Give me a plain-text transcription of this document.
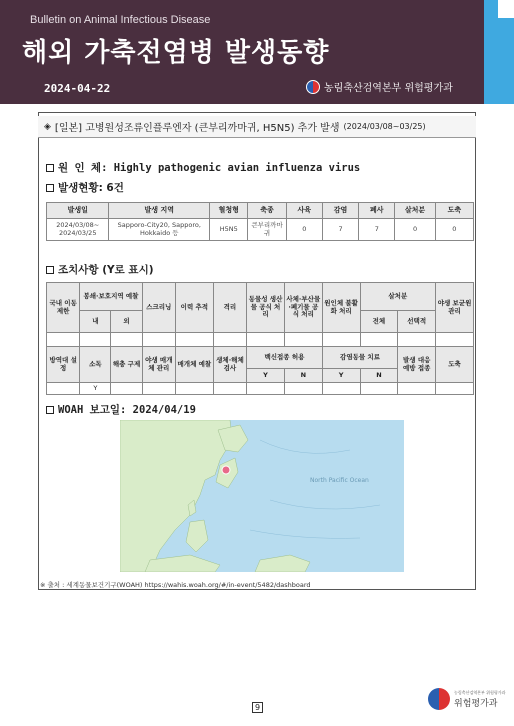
Bulletin on Animal Infectious Disease
해외 가축전염병 발생동향
2024-04-22	농림축산검역본부 위험평가과
◈ [일본] 고병원성조류인플루엔자 (큰부리까마귀, H5N5) 추가 발생 (2024/03/08~03/25)
원 인 체: Highly pathogenic avian influenza virus
발생현황: 6건
발생일	발생 지역	혈청형	축종	사육	감염	폐사	살처분	도축
2024/03/08~ 2024/03/25	Sapporo-City20, Sapporo, Hokkaido 등	H5N5	큰부리까마귀	0	7	7	0	0
조치사항 (Y로 표시)
국내 이동 제한	봉쇄·보호지역 예찰		스크리닝	이력 추적	격리	동물성 생산물 공식 처리	사체·부산물·폐기물 공식 처리	원인체 불활화 처리	살처분		야생 보균원 관리
	내	외							전체	선택적	

방역대 설정	소독	해충 구제	야생 매개체 관리	매개체 예찰	생체·해체 검사	백신접종 허용		감염동물 치료		발생 대응 예방 접종	도축
						Y	N	Y	N		
	Y										
WOAH 보고일: 2024/04/19
North Pacific Ocean
※ 출처 : 세계동물보건기구(WOAH) https://wahis.woah.org/#/in-event/5482/dashboard
9
농림축산검역본부 위험평가과
위험평가과
